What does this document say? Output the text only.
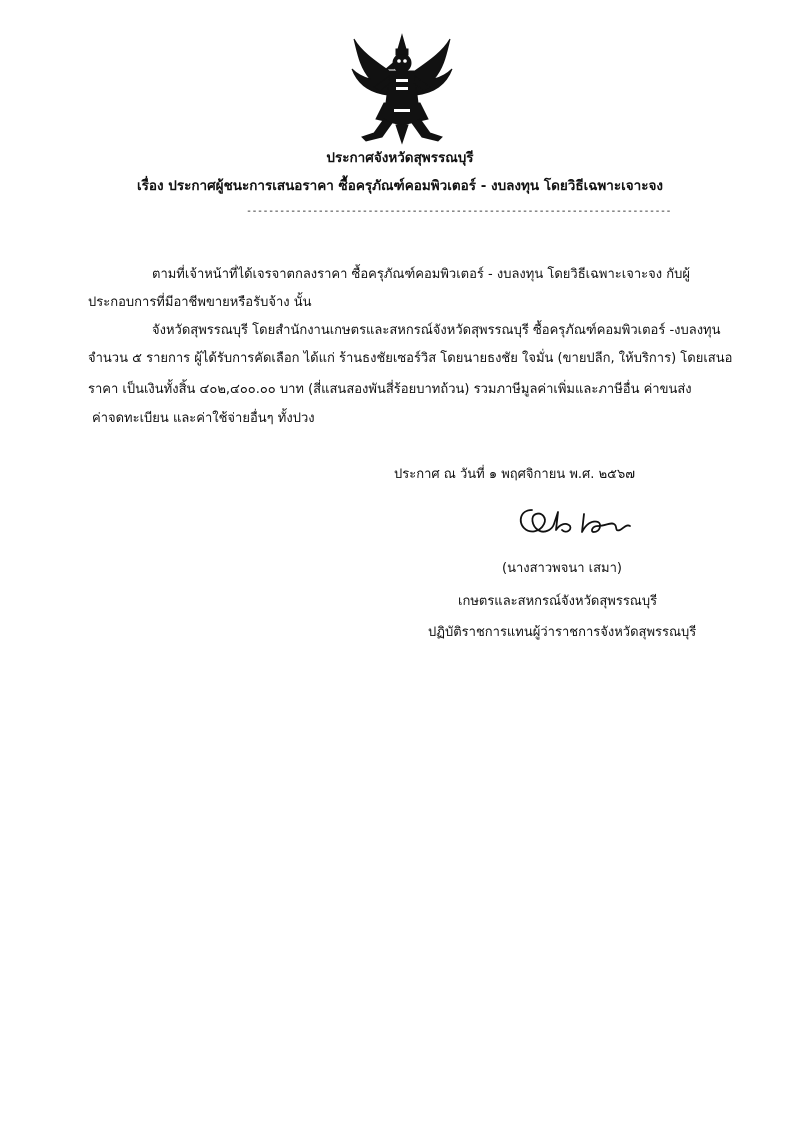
ประกาศจังหวัดสุพรรณบุรี
เรื่อง ประกาศผู้ชนะการเสนอราคา ซื้อครุภัณฑ์คอมพิวเตอร์ - งบลงทุน โดยวิธีเฉพาะเจาะจง
-----------------------------------------------------------------------------
ตามที่เจ้าหน้าที่ได้เจรจาตกลงราคา ซื้อครุภัณฑ์คอมพิวเตอร์ - งบลงทุน โดยวิธีเฉพาะเจาะจง กับผู้
ประกอบการที่มีอาชีพขายหรือรับจ้าง นั้น
จังหวัดสุพรรณบุรี โดยสำนักงานเกษตรและสหกรณ์จังหวัดสุพรรณบุรี ซื้อครุภัณฑ์คอมพิวเตอร์ -งบลงทุน
จำนวน ๕ รายการ ผู้ได้รับการคัดเลือก ได้แก่ ร้านธงชัยเซอร์วิส โดยนายธงชัย ใจมั่น (ขายปลีก, ให้บริการ) โดยเสนอ
ราคา เป็นเงินทั้งสิ้น ๔๐๒,๔๐๐.๐๐ บาท (สี่แสนสองพันสี่ร้อยบาทถ้วน) รวมภาษีมูลค่าเพิ่มและภาษีอื่น ค่าขนส่ง
ค่าจดทะเบียน และค่าใช้จ่ายอื่นๆ ทั้งปวง
ประกาศ ณ วันที่ ๑ พฤศจิกายน พ.ศ. ๒๕๖๗
(นางสาวพจนา เสมา)
เกษตรและสหกรณ์จังหวัดสุพรรณบุรี
ปฏิบัติราชการแทนผู้ว่าราชการจังหวัดสุพรรณบุรี
